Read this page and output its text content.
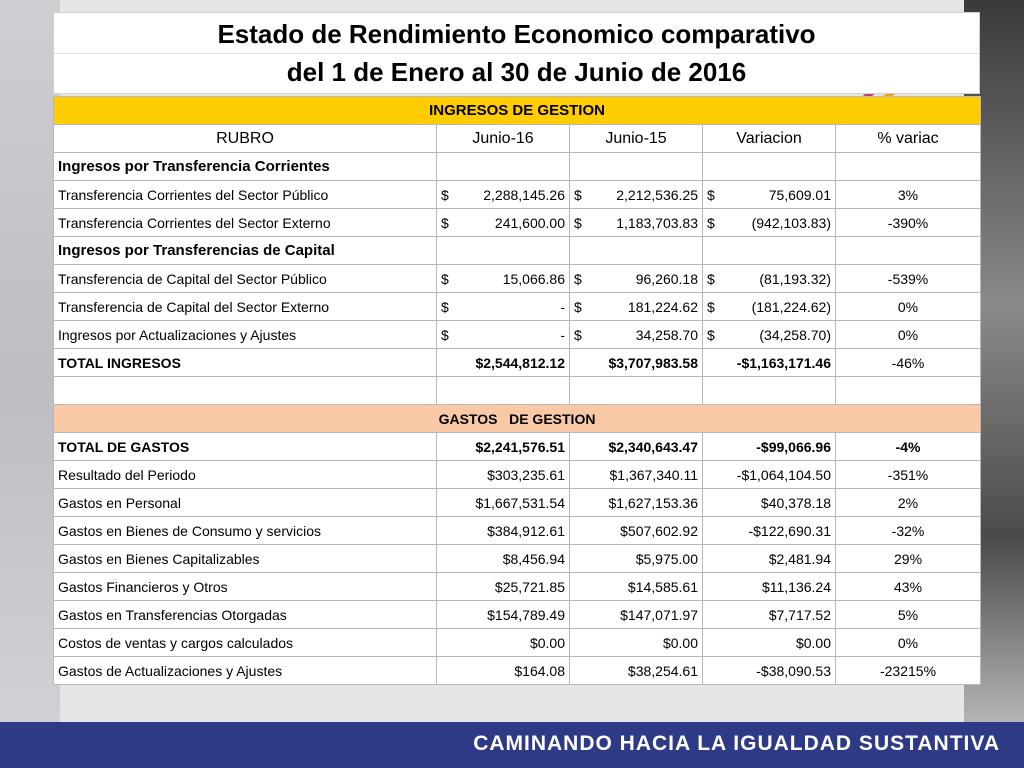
Estado de Rendimiento Economico comparativo
del 1 de Enero al 30 de Junio de 2016
INGRESOS DE GESTION				
RUBRO	Junio-16	Junio-15	Variacion	% variac
Ingresos por Transferencia Corrientes				
Transferencia Corrientes del Sector Público	$ 2,288,145.26	$ 2,212,536.25	$ 75,609.01	3%
Transferencia Corrientes del Sector Externo	$ 241,600.00	$ 1,183,703.83	$ (942,103.83)	-390%
Ingresos por Transferencias de Capital				
Transferencia de Capital del Sector Público	$ 15,066.86	$ 96,260.18	$ (81,193.32)	-539%
Transferencia de Capital del Sector Externo	$ -	$ 181,224.62	$ (181,224.62)	0%
Ingresos por Actualizaciones y Ajustes	$ -	$ 34,258.70	$ (34,258.70)	0%
TOTAL INGRESOS	$2,544,812.12	$3,707,983.58	-$1,163,171.46	-46%

GASTOS   DE GESTION				
TOTAL DE GASTOS	$2,241,576.51	$2,340,643.47	-$99,066.96	-4%
Resultado del Periodo	$303,235.61	$1,367,340.11	-$1,064,104.50	-351%
Gastos en Personal	$1,667,531.54	$1,627,153.36	$40,378.18	2%
Gastos en Bienes de Consumo y servicios	$384,912.61	$507,602.92	-$122,690.31	-32%
Gastos en Bienes Capitalizables	$8,456.94	$5,975.00	$2,481.94	29%
Gastos Financieros y Otros	$25,721.85	$14,585.61	$11,136.24	43%
Gastos en Transferencias Otorgadas	$154,789.49	$147,071.97	$7,717.52	5%
Costos de ventas y cargos calculados	$0.00	$0.00	$0.00	0%
Gastos de Actualizaciones y Ajustes	$164.08	$38,254.61	-$38,090.53	-23215%
CAMINANDO HACIA LA IGUALDAD SUSTANTIVA
